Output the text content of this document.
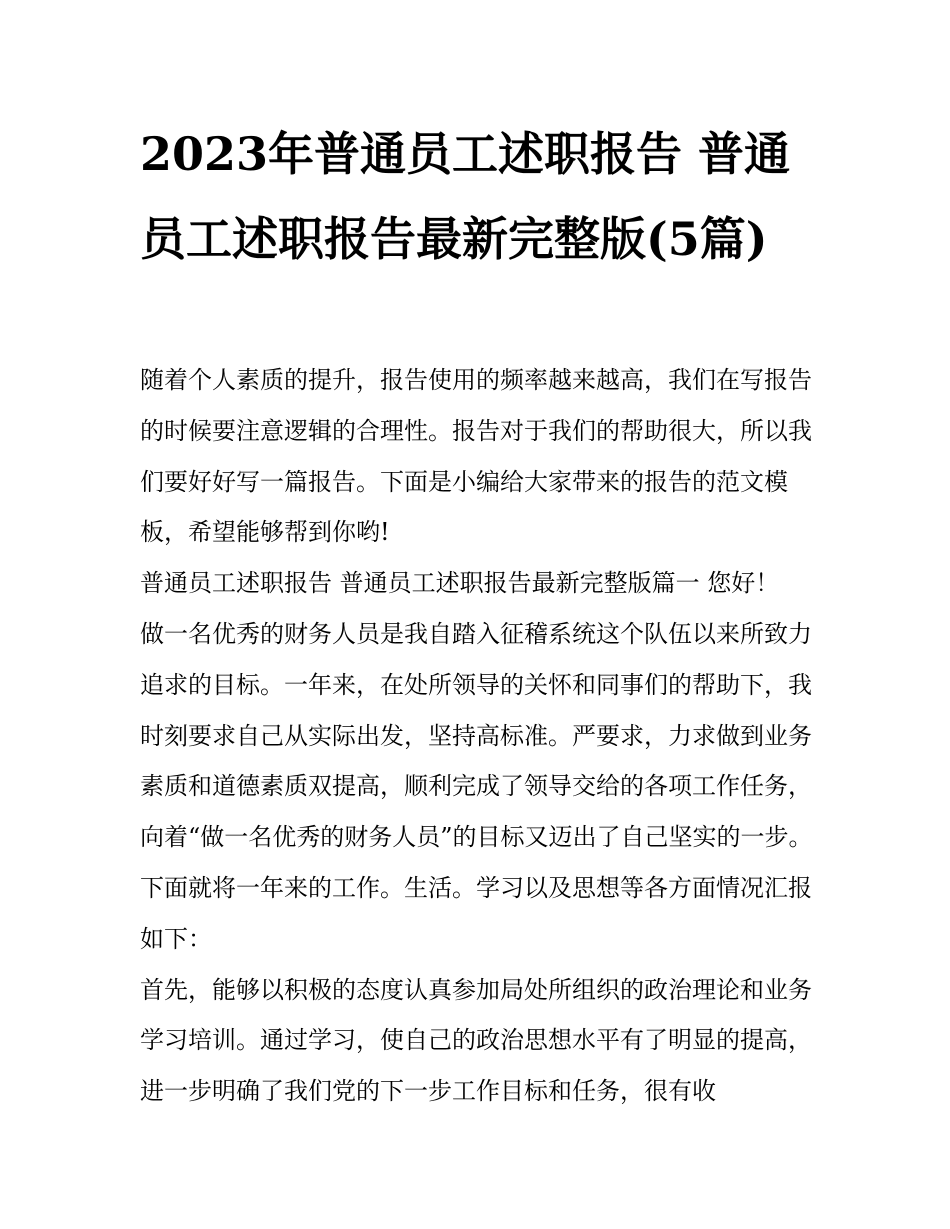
2023年普通员工述职报告 普通员工述职报告最新完整版(5篇)

随着个人素质的提升，报告使用的频率越来越高，我们在写报告的时候要注意逻辑的合理性。报告对于我们的帮助很大，所以我们要好好写一篇报告。下面是小编给大家带来的报告的范文模板，希望能够帮到你哟!

普通员工述职报告 普通员工述职报告最新完整版篇一 您好！

做一名优秀的财务人员是我自踏入征稽系统这个队伍以来所致力追求的目标。一年来，在处所领导的关怀和同事们的帮助下，我时刻要求自己从实际出发，坚持高标准。严要求，力求做到业务素质和道德素质双提高，顺利完成了领导交给的各项工作任务，向着“做一名优秀的财务人员”的目标又迈出了自己坚实的一步。下面就将一年来的工作。生活。学习以及思想等各方面情况汇报如下：

首先，能够以积极的态度认真参加局处所组织的政治理论和业务学习培训。通过学习，使自己的政治思想水平有了明显的提高，进一步明确了我们党的下一步工作目标和任务，很有收
